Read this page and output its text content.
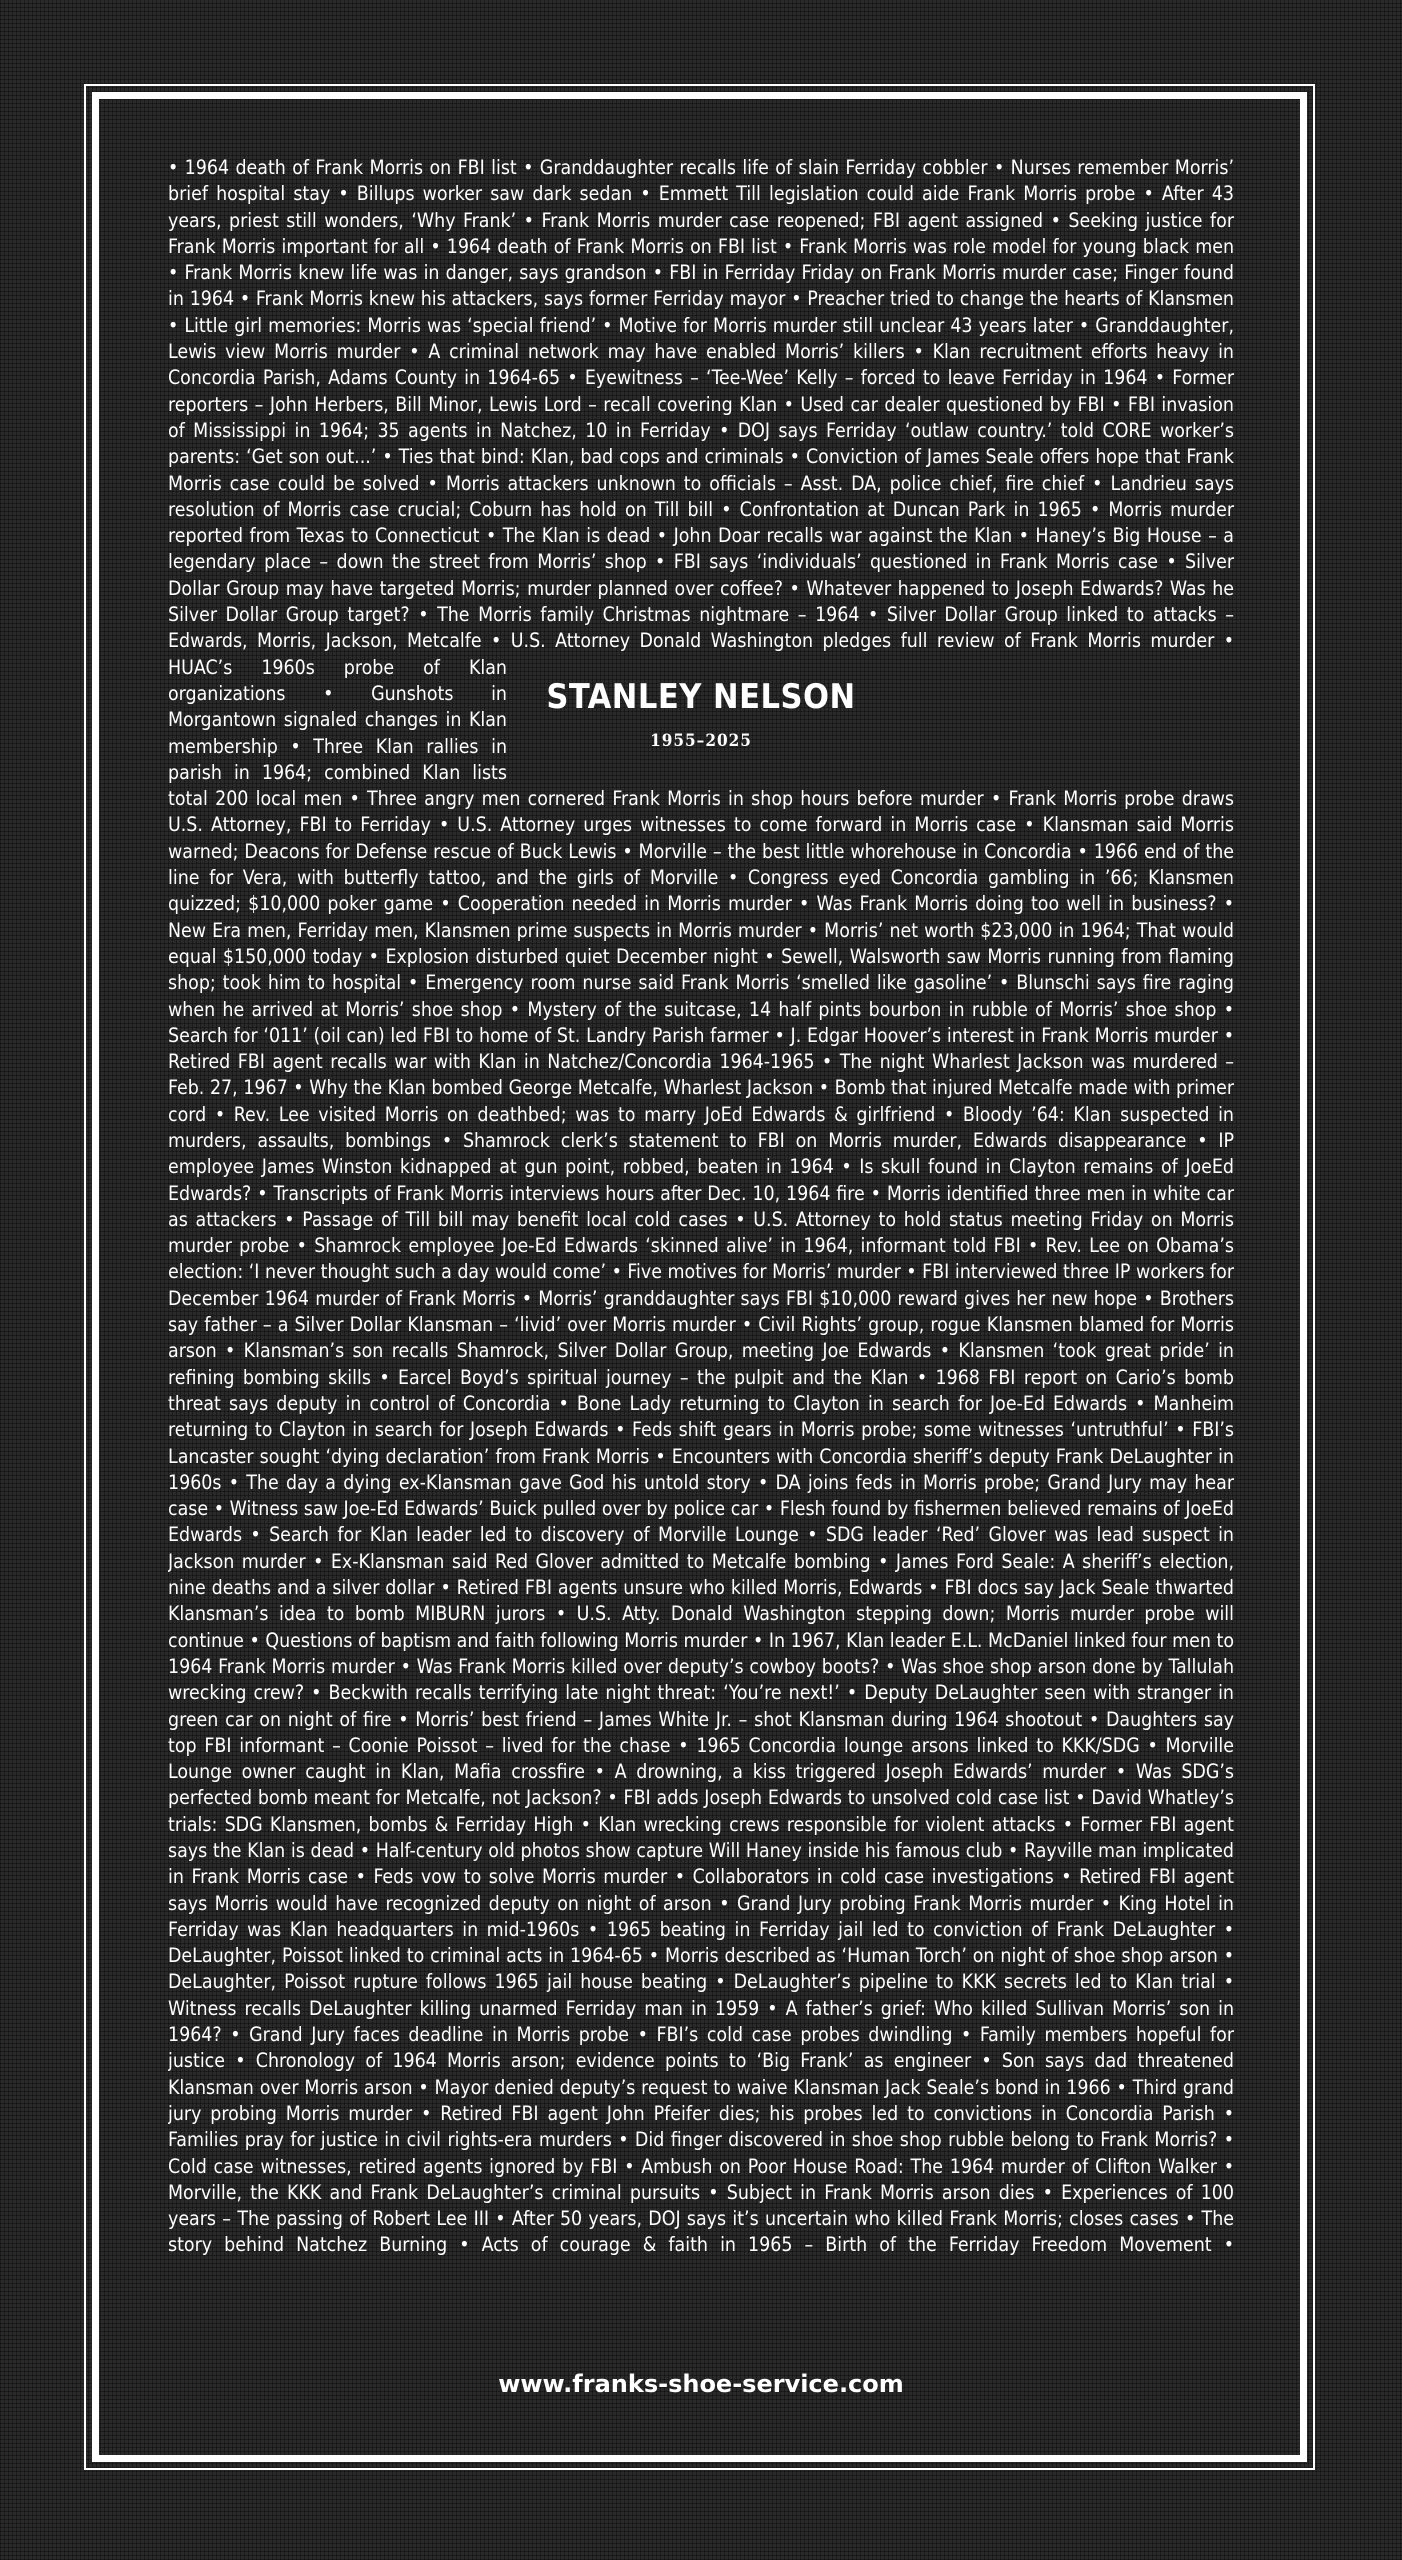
STANLEY NELSON
1955–2025
• 1964 death of Frank Morris on FBI list • Granddaughter recalls life of slain Ferriday cobbler • Nurses remember Morris’ brief hospital stay • Billups worker saw dark sedan • Emmett Till legislation could aide Frank Morris probe • After 43 years, priest still wonders, ‘Why Frank’ • Frank Morris murder case reopened; FBI agent assigned • Seeking justice for Frank Morris important for all • 1964 death of Frank Morris on FBI list • Frank Morris was role model for young black men • Frank Morris knew life was in danger, says grandson • FBI in Ferriday Friday on Frank Morris murder case; Finger found in 1964 • Frank Morris knew his attackers, says former Ferriday mayor • Preacher tried to change the hearts of Klansmen • Little girl memories: Morris was ‘special friend’ • Motive for Morris murder still unclear 43 years later • Granddaughter, Lewis view Morris murder • A criminal network may have enabled Morris’ killers • Klan recruitment efforts heavy in Concordia Parish, Adams County in 1964-65 • Eyewitness – ‘Tee-Wee’ Kelly – forced to leave Ferriday in 1964 • Former reporters – John Herbers, Bill Minor, Lewis Lord – recall covering Klan • Used car dealer questioned by FBI • FBI invasion of Mississippi in 1964; 35 agents in Natchez, 10 in Ferriday • DOJ says Ferriday ‘outlaw country.’ told CORE worker’s parents: ‘Get son out...’ • Ties that bind: Klan, bad cops and criminals • Conviction of James Seale offers hope that Frank Morris case could be solved • Morris attackers unknown to officials – Asst. DA, police chief, fire chief • Landrieu says resolution of Morris case crucial; Coburn has hold on Till bill • Confrontation at Duncan Park in 1965 • Morris murder reported from Texas to Connecticut • The Klan is dead • John Doar recalls war against the Klan • Haney’s Big House – a legendary place – down the street from Morris’ shop • FBI says ‘individuals’ questioned in Frank Morris case • Silver Dollar Group may have targeted Morris; murder planned over coffee? • Whatever happened to Joseph Edwards? Was he Silver Dollar Group target? • The Morris family Christmas nightmare – 1964 • Silver Dollar Group linked to attacks – Edwards, Morris, Jackson, Metcalfe • U.S. Attorney Donald Washington pledges full review of Frank Morris murder • HUAC’s 1960s probe of Klan organizations • Gunshots in Morgantown signaled changes in Klan membership • Three Klan rallies in parish in 1964; combined Klan lists total 200 local men • Three angry men cornered Frank Morris in shop hours before murder • Frank Morris probe draws U.S. Attorney, FBI to Ferriday • U.S. Attorney urges witnesses to come forward in Morris case • Klansman said Morris warned; Deacons for Defense rescue of Buck Lewis • Morville – the best little whorehouse in Concordia • 1966 end of the line for Vera, with butterfly tattoo, and the girls of Morville • Congress eyed Concordia gambling in ’66; Klansmen quizzed; $10,000 poker game • Cooperation needed in Morris murder • Was Frank Morris doing too well in business? • New Era men, Ferriday men, Klansmen prime suspects in Morris murder • Morris’ net worth $23,000 in 1964; That would equal $150,000 today • Explosion disturbed quiet December night • Sewell, Walsworth saw Morris running from flaming shop; took him to hospital • Emergency room nurse said Frank Morris ‘smelled like gasoline’ • Blunschi says fire raging when he arrived at Morris’ shoe shop • Mystery of the suitcase, 14 half pints bourbon in rubble of Morris’ shoe shop • Search for ‘011’ (oil can) led FBI to home of St. Landry Parish farmer • J. Edgar Hoover’s interest in Frank Morris murder • Retired FBI agent recalls war with Klan in Natchez/Concordia 1964-1965 • The night Wharlest Jackson was murdered – Feb. 27, 1967 • Why the Klan bombed George Metcalfe, Wharlest Jackson • Bomb that injured Metcalfe made with primer cord • Rev. Lee visited Morris on deathbed; was to marry JoEd Edwards & girlfriend • Bloody ’64: Klan suspected in murders, assaults, bombings • Shamrock clerk’s statement to FBI on Morris murder, Edwards disappearance • IP employee James Winston kidnapped at gun point, robbed, beaten in 1964 • Is skull found in Clayton remains of JoeEd Edwards? • Transcripts of Frank Morris interviews hours after Dec. 10, 1964 fire • Morris identified three men in white car as attackers • Passage of Till bill may benefit local cold cases • U.S. Attorney to hold status meeting Friday on Morris murder probe • Shamrock employee Joe-Ed Edwards ‘skinned alive’ in 1964, informant told FBI • Rev. Lee on Obama’s election: ‘I never thought such a day would come’ • Five motives for Morris’ murder • FBI interviewed three IP workers for December 1964 murder of Frank Morris • Morris’ granddaughter says FBI $10,000 reward gives her new hope • Brothers say father – a Silver Dollar Klansman – ‘livid’ over Morris murder • Civil Rights’ group, rogue Klansmen blamed for Morris arson • Klansman’s son recalls Shamrock, Silver Dollar Group, meeting Joe Edwards • Klansmen ‘took great pride’ in refining bombing skills • Earcel Boyd’s spiritual journey – the pulpit and the Klan • 1968 FBI report on Cario’s bomb threat says deputy in control of Concordia • Bone Lady returning to Clayton in search for Joe-Ed Edwards • Manheim returning to Clayton in search for Joseph Edwards • Feds shift gears in Morris probe; some witnesses ‘untruthful’ • FBI’s Lancaster sought ‘dying declaration’ from Frank Morris • Encounters with Concordia sheriff’s deputy Frank DeLaughter in 1960s • The day a dying ex-Klansman gave God his untold story • DA joins feds in Morris probe; Grand Jury may hear case • Witness saw Joe-Ed Edwards’ Buick pulled over by police car • Flesh found by fishermen believed remains of JoeEd Edwards • Search for Klan leader led to discovery of Morville Lounge • SDG leader ‘Red’ Glover was lead suspect in Jackson murder • Ex-Klansman said Red Glover admitted to Metcalfe bombing • James Ford Seale: A sheriff’s election, nine deaths and a silver dollar • Retired FBI agents unsure who killed Morris, Edwards • FBI docs say Jack Seale thwarted Klansman’s idea to bomb MIBURN jurors • U.S. Atty. Donald Washington stepping down; Morris murder probe will continue • Questions of baptism and faith following Morris murder • In 1967, Klan leader E.L. McDaniel linked four men to 1964 Frank Morris murder • Was Frank Morris killed over deputy’s cowboy boots? • Was shoe shop arson done by Tallulah wrecking crew? • Beckwith recalls terrifying late night threat: ‘You’re next!’ • Deputy DeLaughter seen with stranger in green car on night of fire • Morris’ best friend – James White Jr. – shot Klansman during 1964 shootout • Daughters say top FBI informant – Coonie Poissot – lived for the chase • 1965 Concordia lounge arsons linked to KKK/SDG • Morville Lounge owner caught in Klan, Mafia crossfire • A drowning, a kiss triggered Joseph Edwards’ murder • Was SDG’s perfected bomb meant for Metcalfe, not Jackson? • FBI adds Joseph Edwards to unsolved cold case list • David Whatley’s trials: SDG Klansmen, bombs & Ferriday High • Klan wrecking crews responsible for violent attacks • Former FBI agent says the Klan is dead • Half-century old photos show capture Will Haney inside his famous club • Rayville man implicated in Frank Morris case • Feds vow to solve Morris murder • Collaborators in cold case investigations • Retired FBI agent says Morris would have recognized deputy on night of arson • Grand Jury probing Frank Morris murder • King Hotel in Ferriday was Klan headquarters in mid-1960s • 1965 beating in Ferriday jail led to conviction of Frank DeLaughter • DeLaughter, Poissot linked to criminal acts in 1964-65 • Morris described as ‘Human Torch’ on night of shoe shop arson • DeLaughter, Poissot rupture follows 1965 jail house beating • DeLaughter’s pipeline to KKK secrets led to Klan trial • Witness recalls DeLaughter killing unarmed Ferriday man in 1959 • A father’s grief: Who killed Sullivan Morris’ son in 1964? • Grand Jury faces deadline in Morris probe • FBI’s cold case probes dwindling • Family members hopeful for justice • Chronology of 1964 Morris arson; evidence points to ‘Big Frank’ as engineer • Son says dad threatened Klansman over Morris arson • Mayor denied deputy’s request to waive Klansman Jack Seale’s bond in 1966 • Third grand jury probing Morris murder • Retired FBI agent John Pfeifer dies; his probes led to convictions in Concordia Parish • Families pray for justice in civil rights-era murders • Did finger discovered in shoe shop rubble belong to Frank Morris? • Cold case witnesses, retired agents ignored by FBI • Ambush on Poor House Road: The 1964 murder of Clifton Walker • Morville, the KKK and Frank DeLaughter’s criminal pursuits • Subject in Frank Morris arson dies • Experiences of 100 years – The passing of Robert Lee III • After 50 years, DOJ says it’s uncertain who killed Frank Morris; closes cases • The story behind Natchez Burning • Acts of courage & faith in 1965 – Birth of the Ferriday Freedom Movement •
www.franks-shoe-service.com
